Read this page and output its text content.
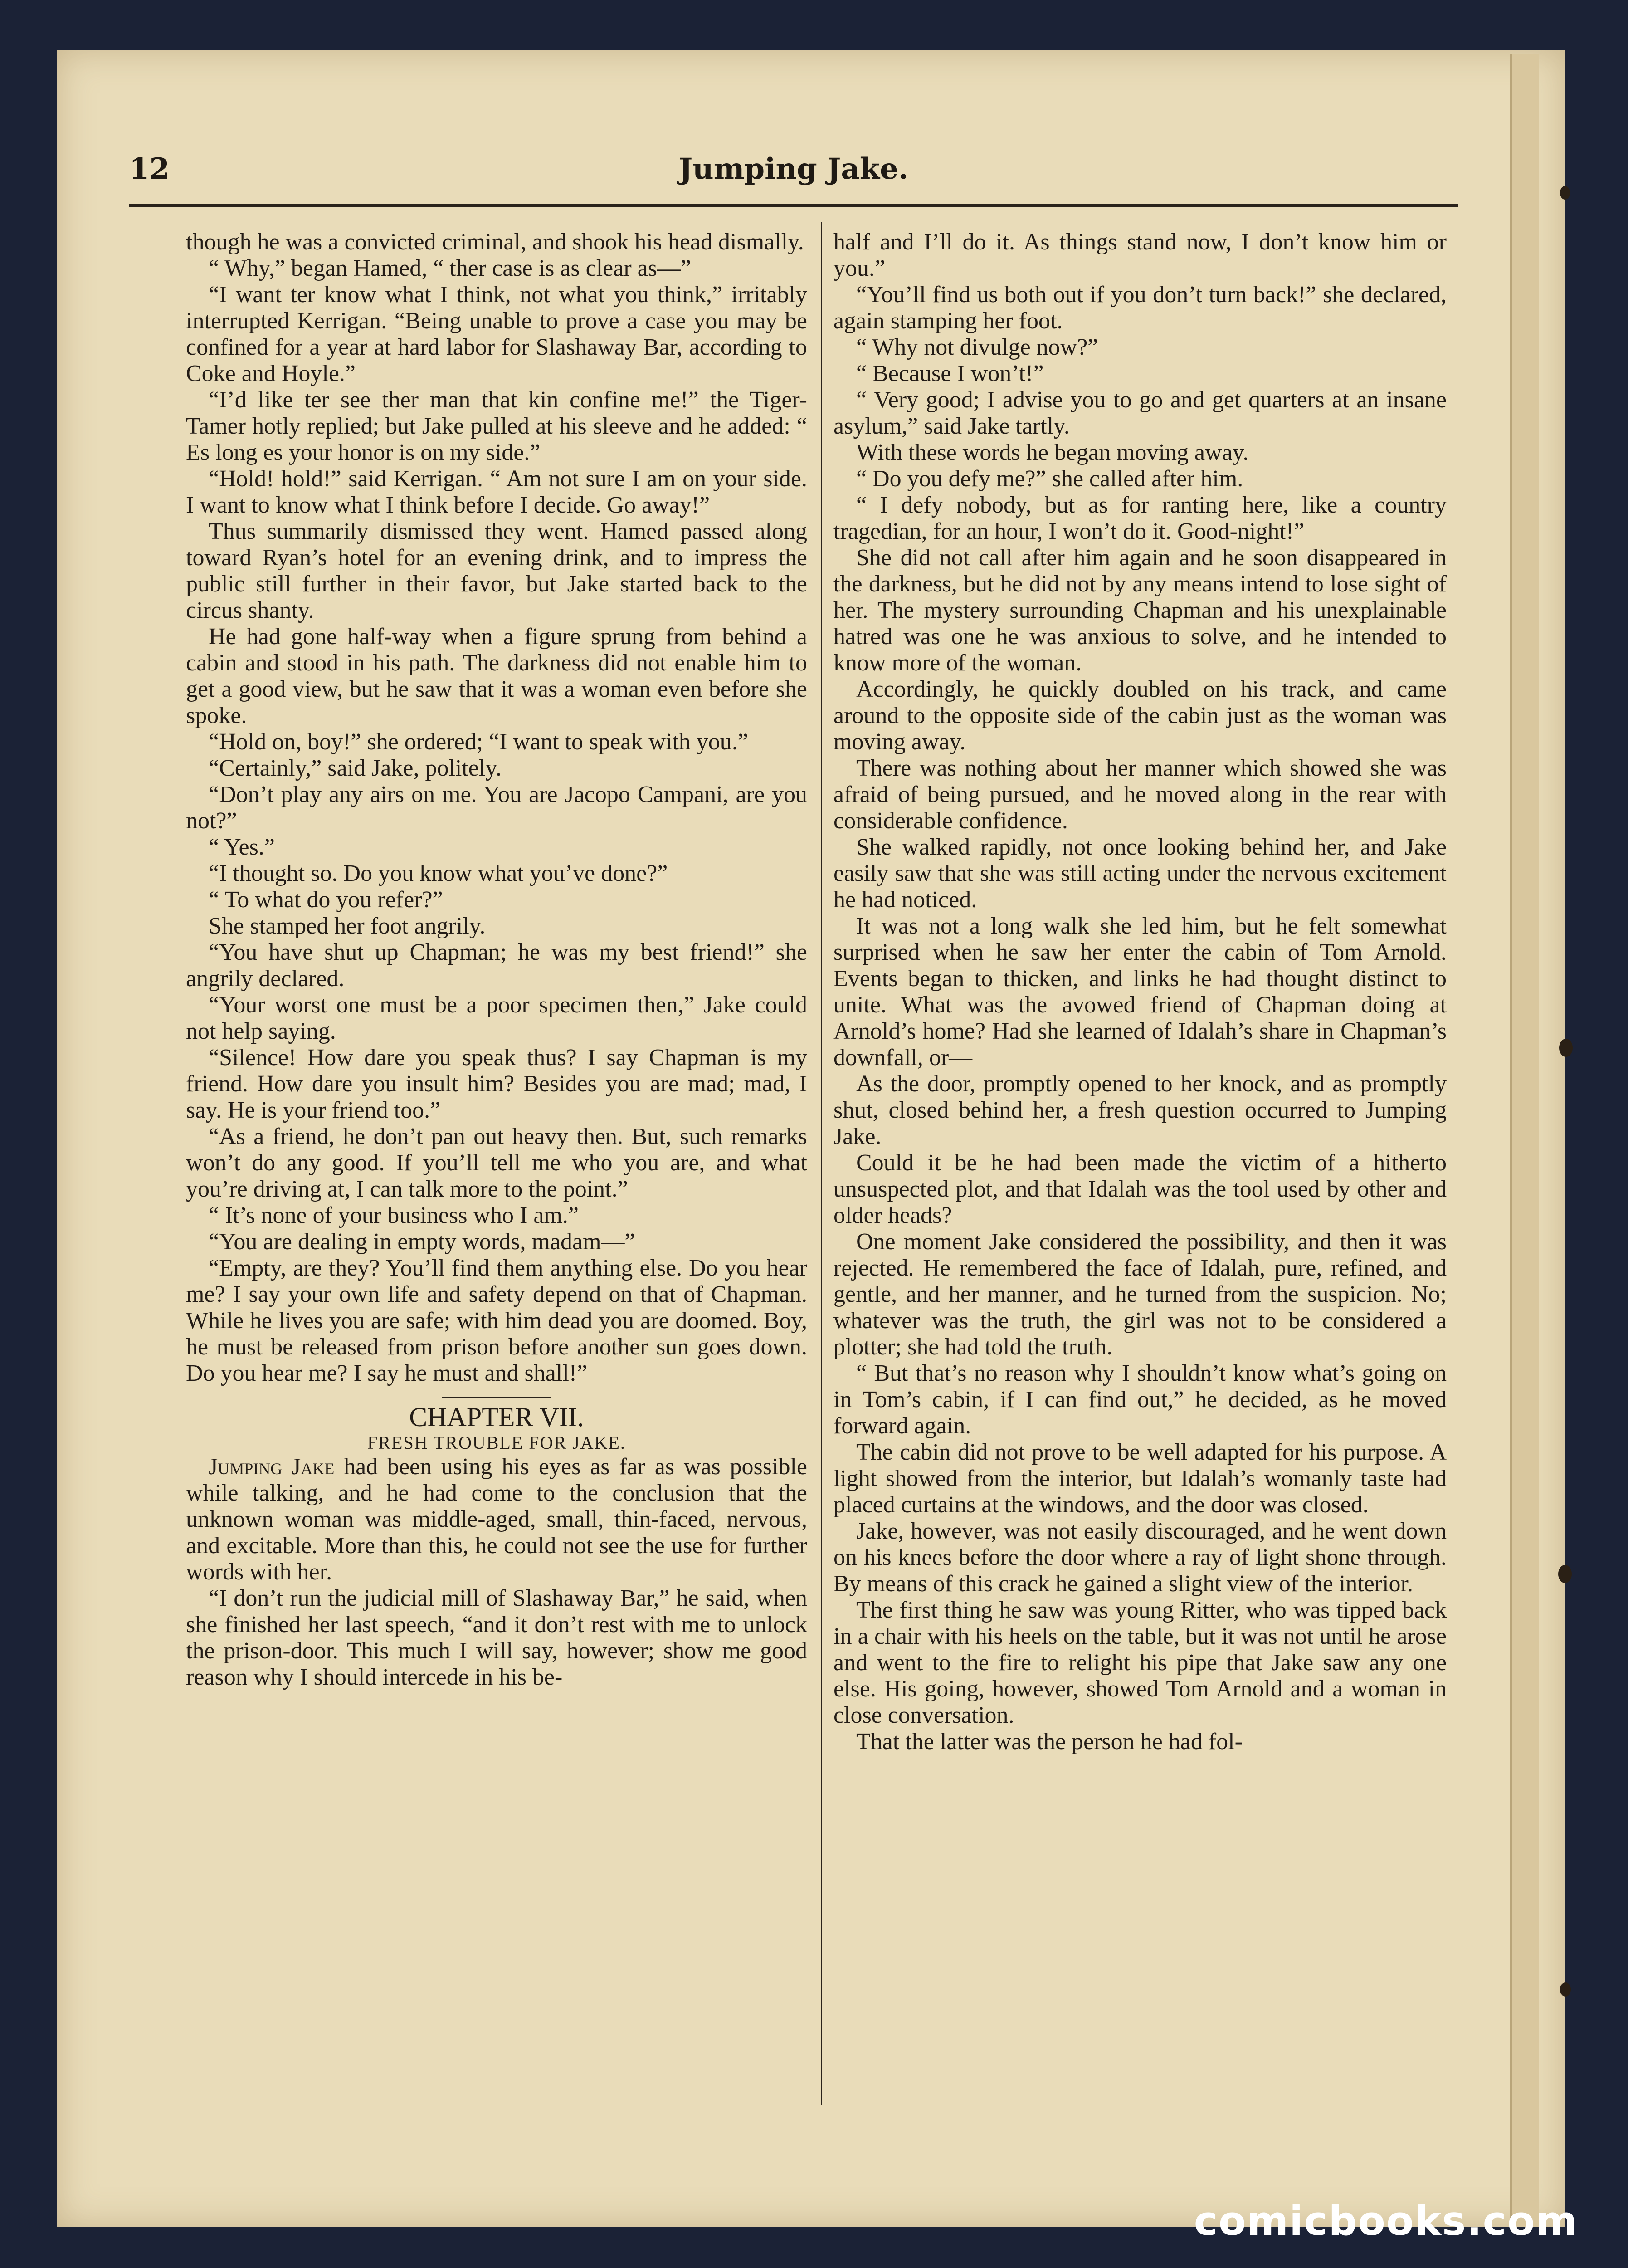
12	Jumping Jake.

though he was a convicted criminal, and shook his head dismally.

“ Why,” began Hamed, “ ther case is as clear as—”

“I want ter know what I think, not what you think,” irritably interrupted Kerrigan. “Being unable to prove a case you may be confined for a year at hard labor for Slashaway Bar, according to Coke and Hoyle.”

“I’d like ter see ther man that kin confine me!” the Tiger-Tamer hotly replied; but Jake pulled at his sleeve and he added: “ Es long es your honor is on my side.”

“Hold! hold!” said Kerrigan. “ Am not sure I am on your side. I want to know what I think before I decide. Go away!”

Thus summarily dismissed they went. Hamed passed along toward Ryan’s hotel for an evening drink, and to impress the public still further in their favor, but Jake started back to the circus shanty.

He had gone half-way when a figure sprung from behind a cabin and stood in his path. The darkness did not enable him to get a good view, but he saw that it was a woman even before she spoke.

“Hold on, boy!” she ordered; “I want to speak with you.”

“Certainly,” said Jake, politely.

“Don’t play any airs on me. You are Jacopo Campani, are you not?”

“ Yes.”

“I thought so. Do you know what you’ve done?”

“ To what do you refer?”

She stamped her foot angrily.

“You have shut up Chapman; he was my best friend!” she angrily declared.

“Your worst one must be a poor specimen then,” Jake could not help saying.

“Silence! How dare you speak thus? I say Chapman is my friend. How dare you insult him? Besides you are mad; mad, I say. He is your friend too.”

“As a friend, he don’t pan out heavy then. But, such remarks won’t do any good. If you’ll tell me who you are, and what you’re driving at, I can talk more to the point.”

“ It’s none of your business who I am.”

“You are dealing in empty words, madam—”

“Empty, are they? You’ll find them anything else. Do you hear me? I say your own life and safety depend on that of Chapman. While he lives you are safe; with him dead you are doomed. Boy, he must be released from prison before another sun goes down. Do you hear me? I say he must and shall!”

CHAPTER VII.

FRESH TROUBLE FOR JAKE.

Jumping Jake had been using his eyes as far as was possible while talking, and he had come to the conclusion that the unknown woman was middle-aged, small, thin-faced, nervous, and excitable. More than this, he could not see the use for further words with her.

“I don’t run the judicial mill of Slashaway Bar,” he said, when she finished her last speech, “and it don’t rest with me to unlock the prison-door. This much I will say, however; show me good reason why I should intercede in his be-

half and I’ll do it. As things stand now, I don’t know him or you.”

“You’ll find us both out if you don’t turn back!” she declared, again stamping her foot.

“ Why not divulge now?”

“ Because I won’t!”

“ Very good; I advise you to go and get quarters at an insane asylum,” said Jake tartly.

With these words he began moving away.

“ Do you defy me?” she called after him.

“ I defy nobody, but as for ranting here, like a country tragedian, for an hour, I won’t do it. Good-night!”

She did not call after him again and he soon disappeared in the darkness, but he did not by any means intend to lose sight of her. The mystery surrounding Chapman and his unexplainable hatred was one he was anxious to solve, and he intended to know more of the woman.

Accordingly, he quickly doubled on his track, and came around to the opposite side of the cabin just as the woman was moving away.

There was nothing about her manner which showed she was afraid of being pursued, and he moved along in the rear with considerable confidence.

She walked rapidly, not once looking behind her, and Jake easily saw that she was still acting under the nervous excitement he had noticed.

It was not a long walk she led him, but he felt somewhat surprised when he saw her enter the cabin of Tom Arnold. Events began to thicken, and links he had thought distinct to unite. What was the avowed friend of Chapman doing at Arnold’s home? Had she learned of Idalah’s share in Chapman’s downfall, or—

As the door, promptly opened to her knock, and as promptly shut, closed behind her, a fresh question occurred to Jumping Jake.

Could it be he had been made the victim of a hitherto unsuspected plot, and that Idalah was the tool used by other and older heads?

One moment Jake considered the possibility, and then it was rejected. He remembered the face of Idalah, pure, refined, and gentle, and her manner, and he turned from the suspicion. No; whatever was the truth, the girl was not to be considered a plotter; she had told the truth.

“ But that’s no reason why I shouldn’t know what’s going on in Tom’s cabin, if I can find out,” he decided, as he moved forward again.

The cabin did not prove to be well adapted for his purpose. A light showed from the interior, but Idalah’s womanly taste had placed curtains at the windows, and the door was closed.

Jake, however, was not easily discouraged, and he went down on his knees before the door where a ray of light shone through. By means of this crack he gained a slight view of the interior.

The first thing he saw was young Ritter, who was tipped back in a chair with his heels on the table, but it was not until he arose and went to the fire to relight his pipe that Jake saw any one else. His going, however, showed Tom Arnold and a woman in close conversation.

That the latter was the person he had fol-

comicbooks.com
